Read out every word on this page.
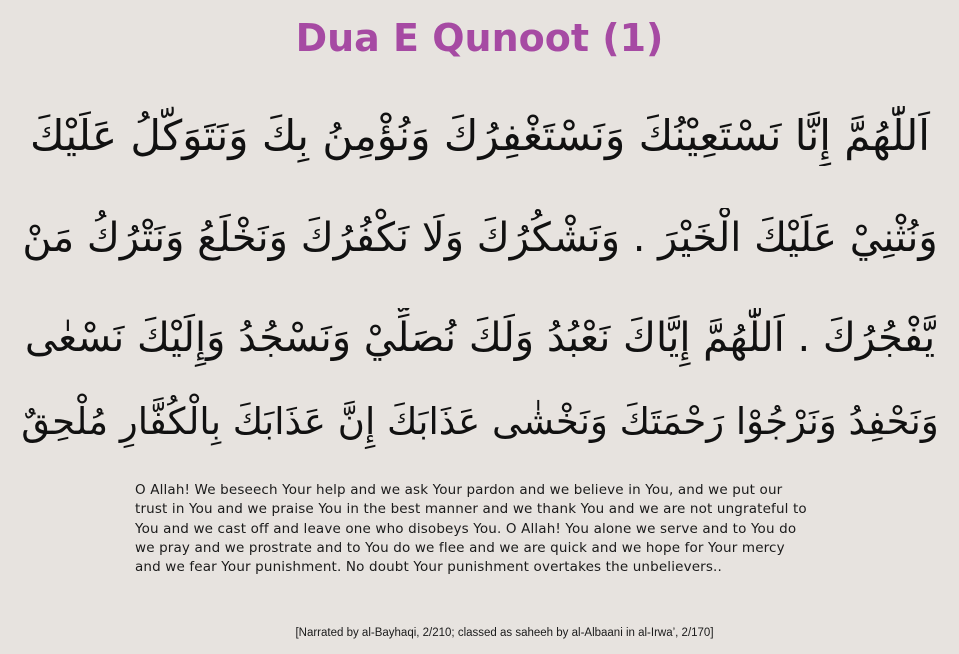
Dua E Qunoot (1)
اَللّٰهُمَّ إِنَّا نَسْتَعِيْنُكَ وَنَسْتَغْفِرُكَ وَنُؤْمِنُ بِكَ وَنَتَوَكَّلُ عَلَيْكَ
وَنُثْنِيْ عَلَيْكَ الْخَيْرَ . وَنَشْكُرُكَ وَلَا نَكْفُرُكَ وَنَخْلَعُ وَنَتْرُكُ مَنْ
يَّفْجُرُكَ . اَللّٰهُمَّ إِيَّاكَ نَعْبُدُ وَلَكَ نُصَلِّيْ وَنَسْجُدُ وَإِلَيْكَ نَسْعٰى
وَنَحْفِدُ وَنَرْجُوْا رَحْمَتَكَ وَنَخْشٰى عَذَابَكَ إِنَّ عَذَابَكَ بِالْكُفَّارِ مُلْحِقٌ
O Allah! We beseech Your help and we ask Your pardon and we believe in You, and we put our trust in You and we praise You in the best manner and we thank You and we are not ungrateful to You and we cast off and leave one who disobeys You. O Allah! You alone we serve and to You do we pray and we prostrate and to You do we flee and we are quick and we hope for Your mercy and we fear Your punishment. No doubt Your punishment overtakes the unbelievers..
[Narrated by al-Bayhaqi, 2/210; classed as saheeh by al-Albaani in al-Irwa’, 2/170]
